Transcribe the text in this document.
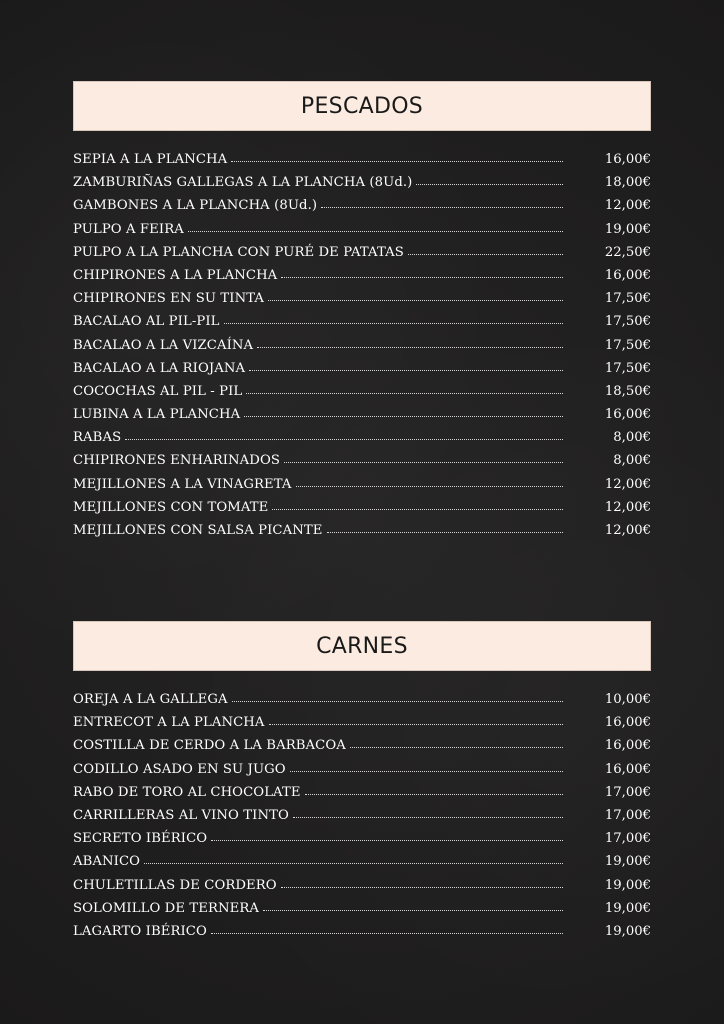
PESCADOS
SEPIA A LA PLANCHA	16,00€
ZAMBURIÑAS GALLEGAS A LA PLANCHA (8Ud.)	18,00€
GAMBONES A LA PLANCHA (8Ud.)	12,00€
PULPO A FEIRA	19,00€
PULPO A LA PLANCHA CON PURÉ DE PATATAS	22,50€
CHIPIRONES A LA PLANCHA	16,00€
CHIPIRONES EN SU TINTA	17,50€
BACALAO AL PIL-PIL	17,50€
BACALAO A LA VIZCAÍNA	17,50€
BACALAO A LA RIOJANA	17,50€
COCOCHAS AL PIL - PIL	18,50€
LUBINA A LA PLANCHA	16,00€
RABAS	8,00€
CHIPIRONES ENHARINADOS	8,00€
MEJILLONES A LA VINAGRETA	12,00€
MEJILLONES CON TOMATE	12,00€
MEJILLONES CON SALSA PICANTE	12,00€
CARNES
OREJA A LA GALLEGA	10,00€
ENTRECOT A LA PLANCHA	16,00€
COSTILLA DE CERDO A LA BARBACOA	16,00€
CODILLO ASADO EN SU JUGO	16,00€
RABO DE TORO AL CHOCOLATE	17,00€
CARRILLERAS AL VINO TINTO	17,00€
SECRETO IBÉRICO	17,00€
ABANICO	19,00€
CHULETILLAS DE CORDERO	19,00€
SOLOMILLO DE TERNERA	19,00€
LAGARTO IBÉRICO	19,00€
